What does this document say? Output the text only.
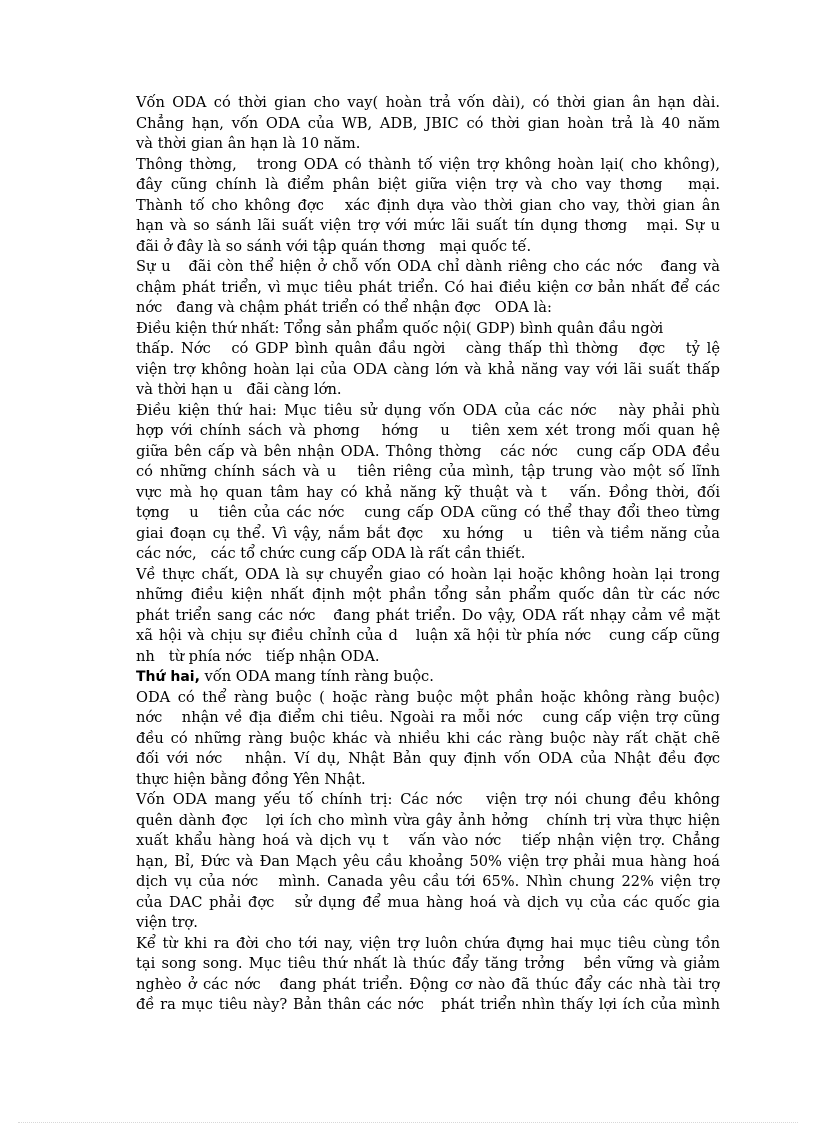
Vốn ODA có thời gian cho vay( hoàn trả vốn dài), có thời gian ân hạn dài.
Chẳng hạn, vốn ODA của WB, ADB, JBIC có thời gian hoàn trả là 40 năm
và thời gian ân hạn là 10 năm.
Thông thờng,   trong ODA có thành tố viện trợ không hoàn lại( cho không),
đây cũng chính là điểm phân biệt giữa viện trợ và cho vay thơng   mại.
Thành tố cho không đợc   xác định dựa vào thời gian cho vay, thời gian ân
hạn và so sánh lãi suất viện trợ với mức lãi suất tín dụng thơng   mại. Sự u
đãi ở đây là so sánh với tập quán thơng   mại quốc tế.
Sự u   đãi còn thể hiện ở chỗ vốn ODA chỉ dành riêng cho các nớc   đang và
chậm phát triển, vì mục tiêu phát triển. Có hai điều kiện cơ bản nhất để các
nớc   đang và chậm phát triển có thể nhận đợc   ODA là:
Điều kiện thứ nhất: Tổng sản phẩm quốc nội( GDP) bình quân đầu ngời
thấp. Nớc   có GDP bình quân đầu ngời   càng thấp thì thờng   đợc   tỷ lệ
viện trợ không hoàn lại của ODA càng lớn và khả năng vay với lãi suất thấp
và thời hạn u   đãi càng lớn.
Điều kiện thứ hai: Mục tiêu sử dụng vốn ODA của các nớc   này phải phù
hợp với chính sách và phơng   hớng   u   tiên xem xét trong mối quan hệ
giữa bên cấp và bên nhận ODA. Thông thờng   các nớc   cung cấp ODA đều
có những chính sách và u   tiên riêng của mình, tập trung vào một số lĩnh
vực mà họ quan tâm hay có khả năng kỹ thuật và t   vấn. Đồng thời, đối
tợng   u   tiên của các nớc   cung cấp ODA cũng có thể thay đổi theo từng
giai đoạn cụ thể. Vì vậy, nắm bắt đợc   xu hớng   u   tiên và tiềm năng của
các nớc,   các tổ chức cung cấp ODA là rất cần thiết.
Về thực chất, ODA là sự chuyển giao có hoàn lại hoặc không hoàn lại trong
những điều kiện nhất định một phần tổng sản phẩm quốc dân từ các nớc
phát triển sang các nớc   đang phát triển. Do vậy, ODA rất nhạy cảm về mặt
xã hội và chịu sự điều chỉnh của d   luận xã hội từ phía nớc   cung cấp cũng
nh   từ phía nớc   tiếp nhận ODA.
Thứ hai, vốn ODA mang tính ràng buộc.
ODA có thể ràng buộc ( hoặc ràng buộc một phần hoặc không ràng buộc)
nớc   nhận về địa điểm chi tiêu. Ngoài ra mỗi nớc   cung cấp viện trợ cũng
đều có những ràng buộc khác và nhiều khi các ràng buộc này rất chặt chẽ
đối với nớc   nhận. Ví dụ, Nhật Bản quy định vốn ODA của Nhật đều đợc
thực hiện bằng đồng Yên Nhật.
Vốn ODA mang yếu tố chính trị: Các nớc   viện trợ nói chung đều không
quên dành đợc   lợi ích cho mình vừa gây ảnh hởng   chính trị vừa thực hiện
xuất khẩu hàng hoá và dịch vụ t   vấn vào nớc   tiếp nhận viện trợ. Chẳng
hạn, Bỉ, Đức và Đan Mạch yêu cầu khoảng 50% viện trợ phải mua hàng hoá
dịch vụ của nớc   mình. Canada yêu cầu tới 65%. Nhìn chung 22% viện trợ
của DAC phải đợc   sử dụng để mua hàng hoá và dịch vụ của các quốc gia
viện trợ.
Kể từ khi ra đời cho tới nay, viện trợ luôn chứa đựng hai mục tiêu cùng tồn
tại song song. Mục tiêu thứ nhất là thúc đẩy tăng trởng   bền vững và giảm
nghèo ở các nớc   đang phát triển. Động cơ nào đã thúc đẩy các nhà tài trợ
đề ra mục tiêu này? Bản thân các nớc   phát triển nhìn thấy lợi ích của mình
